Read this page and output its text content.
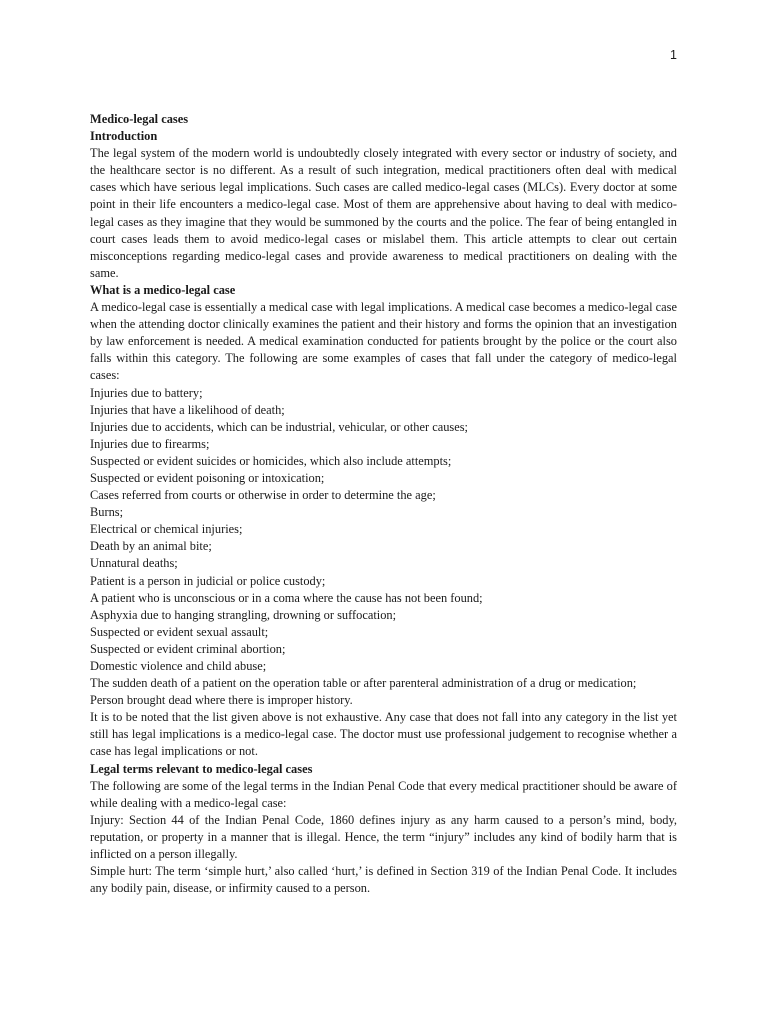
1

Medico-legal cases

Introduction

The legal system of the modern world is undoubtedly closely integrated with every sector or industry of society, and the healthcare sector is no different. As a result of such integration, medical practitioners often deal with medical cases which have serious legal implications. Such cases are called medico-legal cases (MLCs). Every doctor at some point in their life encounters a medico-legal case. Most of them are apprehensive about having to deal with medico-legal cases as they imagine that they would be summoned by the courts and the police. The fear of being entangled in court cases leads them to avoid medico-legal cases or mislabel them. This article attempts to clear out certain misconceptions regarding medico-legal cases and provide awareness to medical practitioners on dealing with the same.

What is a medico-legal case

A medico-legal case is essentially a medical case with legal implications. A medical case becomes a medico-legal case when the attending doctor clinically examines the patient and their history and forms the opinion that an investigation by law enforcement is needed. A medical examination conducted for patients brought by the police or the court also falls within this category. The following are some examples of cases that fall under the category of medico-legal cases:

Injuries due to battery;
Injuries that have a likelihood of death;
Injuries due to accidents, which can be industrial, vehicular, or other causes;
Injuries due to firearms;
Suspected or evident suicides or homicides, which also include attempts;
Suspected or evident poisoning or intoxication;
Cases referred from courts or otherwise in order to determine the age;
Burns;
Electrical or chemical injuries;
Death by an animal bite;
Unnatural deaths;
Patient is a person in judicial or police custody;
A patient who is unconscious or in a coma where the cause has not been found;
Asphyxia due to hanging strangling, drowning or suffocation;
Suspected or evident sexual assault;
Suspected or evident criminal abortion;
Domestic violence and child abuse;
The sudden death of a patient on the operation table or after parenteral administration of a drug or medication;
Person brought dead where there is improper history.

It is to be noted that the list given above is not exhaustive. Any case that does not fall into any category in the list yet still has legal implications is a medico-legal case. The doctor must use professional judgement to recognise whether a case has legal implications or not.

Legal terms relevant to medico-legal cases

The following are some of the legal terms in the Indian Penal Code that every medical practitioner should be aware of while dealing with a medico-legal case:

Injury: Section 44 of the Indian Penal Code, 1860 defines injury as any harm caused to a person’s mind, body, reputation, or property in a manner that is illegal. Hence, the term “injury” includes any kind of bodily harm that is inflicted on a person illegally.

Simple hurt: The term ‘simple hurt,’ also called ‘hurt,’ is defined in Section 319 of the Indian Penal Code. It includes any bodily pain, disease, or infirmity caused to a person.
